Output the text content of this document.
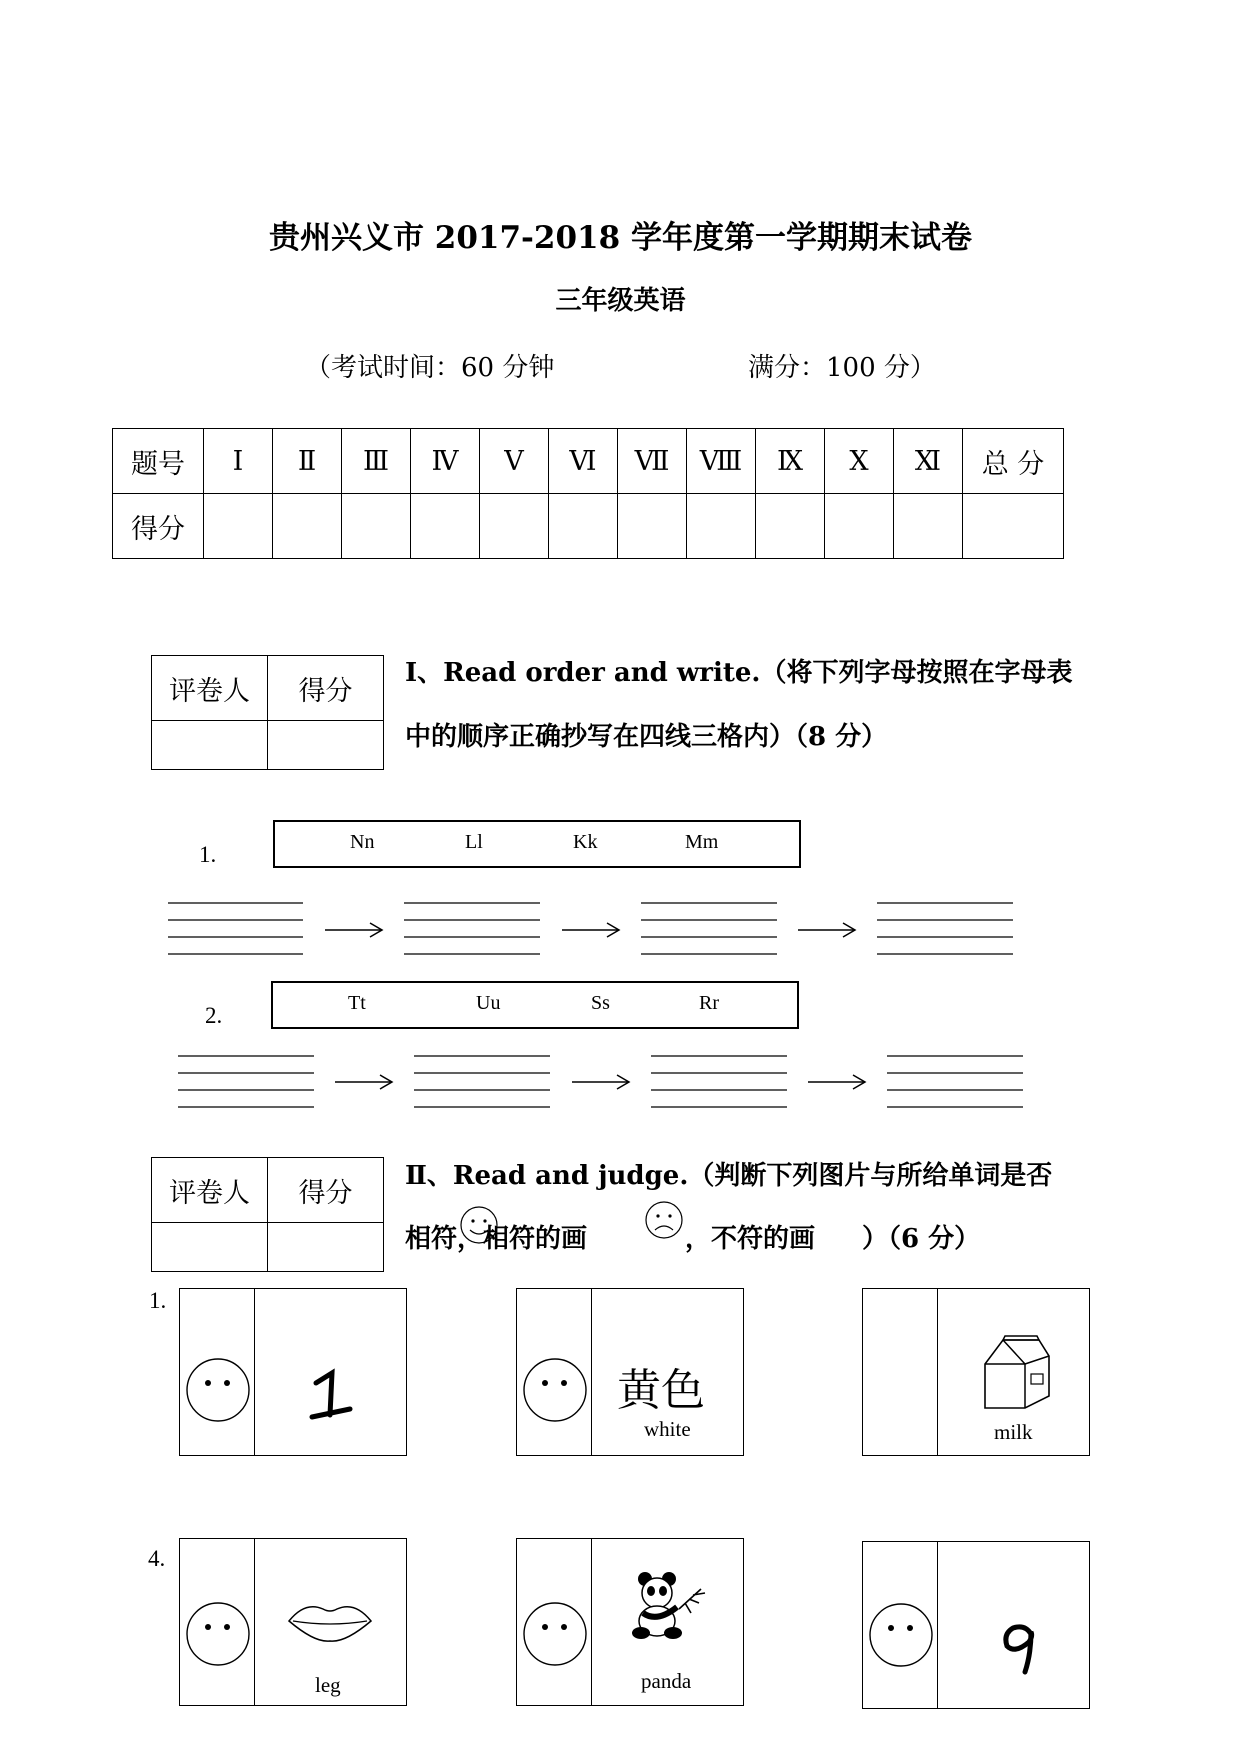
贵州兴义市 2017-2018 学年度第一学期期末试卷
三年级英语
（考试时间：60 分钟	满分：100 分）
题号	Ⅰ	Ⅱ	Ⅲ	Ⅳ	Ⅴ	Ⅵ	Ⅶ	Ⅷ	Ⅸ	Ⅹ	Ⅺ	总 分
得分												
评卷人	得分

Ⅰ、Read order and write.（将下列字母按照在字母表
中的顺序正确抄写在四线三格内）（8 分）
1.	Nn	Ll	Kk	Mm
2.	Tt	Uu	Ss	Rr
评卷人	得分

Ⅱ、Read and judge.（判断下列图片与所给单词是否
相符，相符的画	，不符的画 ）（6 分）
1.
4.
黄色
white	milk
leg	panda
